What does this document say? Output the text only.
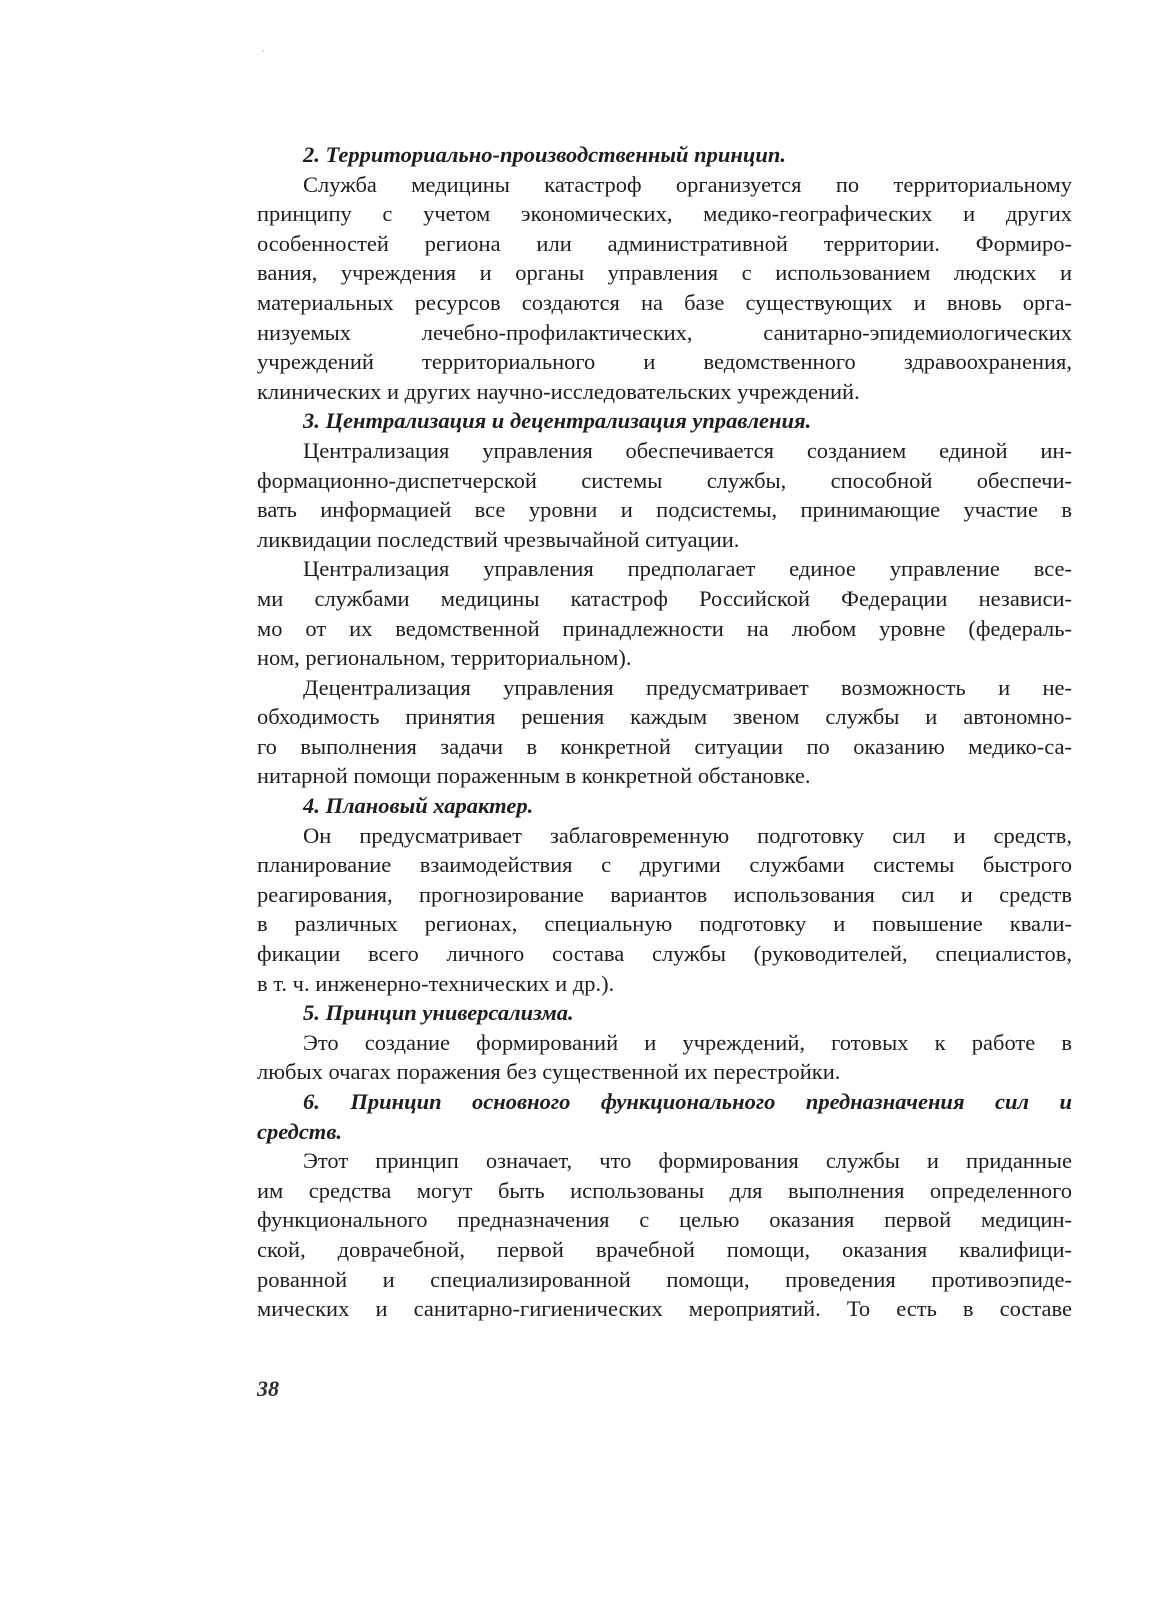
2. Территориально-производственный принцип.
Служба медицины катастроф организуется по территориальному
принципу с учетом экономических, медико-географических и других
особенностей региона или административной территории. Формиро-
вания, учреждения и органы управления с использованием людских и
материальных ресурсов создаются на базе существующих и вновь орга-
низуемых лечебно-профилактических, санитарно-эпидемиологических
учреждений территориального и ведомственного здравоохранения,
клинических и других научно-исследовательских учреждений.
3. Централизация и децентрализация управления.
Централизация управления обеспечивается созданием единой ин-
формационно-диспетчерской системы службы, способной обеспечи-
вать информацией все уровни и подсистемы, принимающие участие в
ликвидации последствий чрезвычайной ситуации.
Централизация управления предполагает единое управление все-
ми службами медицины катастроф Российской Федерации независи-
мо от их ведомственной принадлежности на любом уровне (федераль-
ном, региональном, территориальном).
Децентрализация управления предусматривает возможность и не-
обходимость принятия решения каждым звеном службы и автономно-
го выполнения задачи в конкретной ситуации по оказанию медико-са-
нитарной помощи пораженным в конкретной обстановке.
4. Плановый характер.
Он предусматривает заблаговременную подготовку сил и средств,
планирование взаимодействия с другими службами системы быстрого
реагирования, прогнозирование вариантов использования сил и средств
в различных регионах, специальную подготовку и повышение квали-
фикации всего личного состава службы (руководителей, специалистов,
в т. ч. инженерно-технических и др.).
5. Принцип универсализма.
Это создание формирований и учреждений, готовых к работе в
любых очагах поражения без существенной их перестройки.
6. Принцип основного функционального предназначения сил и
средств.
Этот принцип означает, что формирования службы и приданные
им средства могут быть использованы для выполнения определенного
функционального предназначения с целью оказания первой медицин-
ской, доврачебной, первой врачебной помощи, оказания квалифици-
рованной и специализированной помощи, проведения противоэпиде-
мических и санитарно-гигиенических мероприятий. То есть в составе
38
